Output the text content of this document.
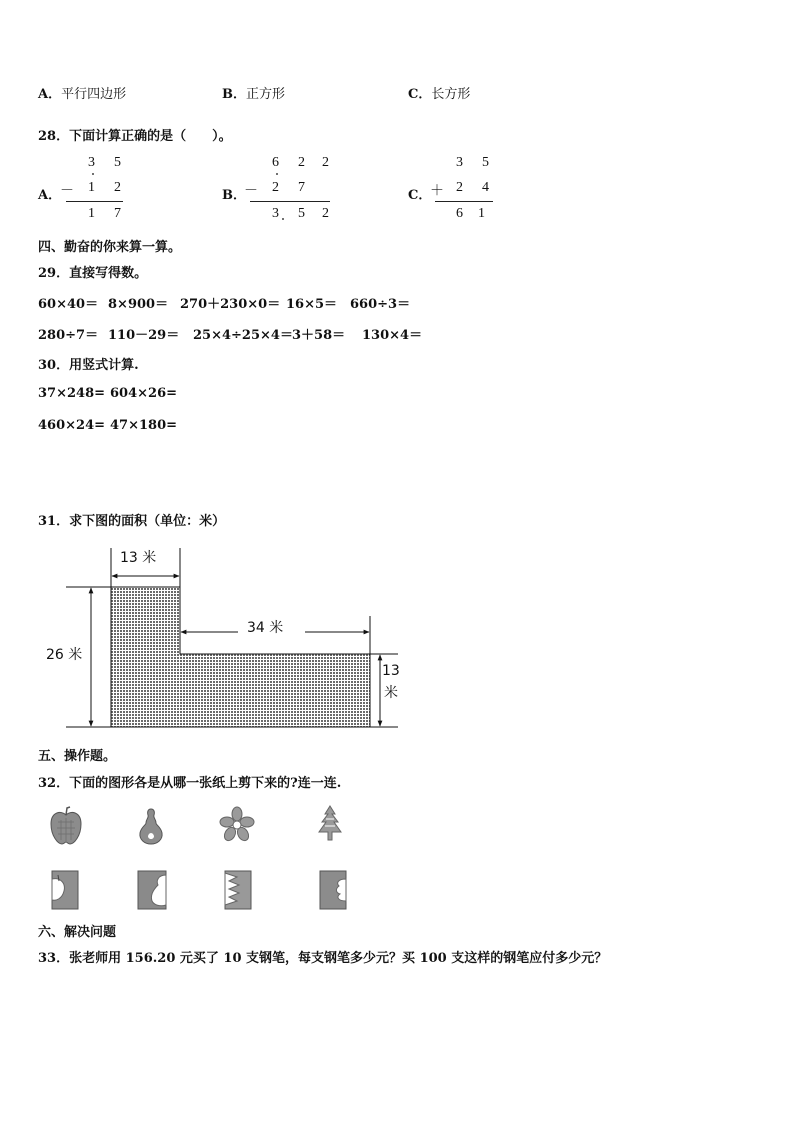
A．平行四边形	B．正方形	C．长方形
28．下面计算正确的是（　　）。
A．
3 5
－ 1 2
1 7
B．
6 2 2
－ 2 7
3 5 2
C．
3 5
＋ 2 4
6 1
四、勤奋的你来算一算。
29．直接写得数。
60×40＝ 8×900＝ 270＋230×0＝ 16×5＝ 660÷3＝
280÷7＝ 110－29＝ 25×4÷25×4＝ 3＋58＝ 130×4＝
30．用竖式计算.
37×248= 604×26=
460×24= 47×180=
31．求下图的面积（单位：米）
13 米
34 米
26 米
13
米
五、操作题。
32．下面的图形各是从哪一张纸上剪下来的?连一连.
六、解决问题
33．张老师用 156.20 元买了 10 支钢笔，每支钢笔多少元？买 100 支这样的钢笔应付多少元？
